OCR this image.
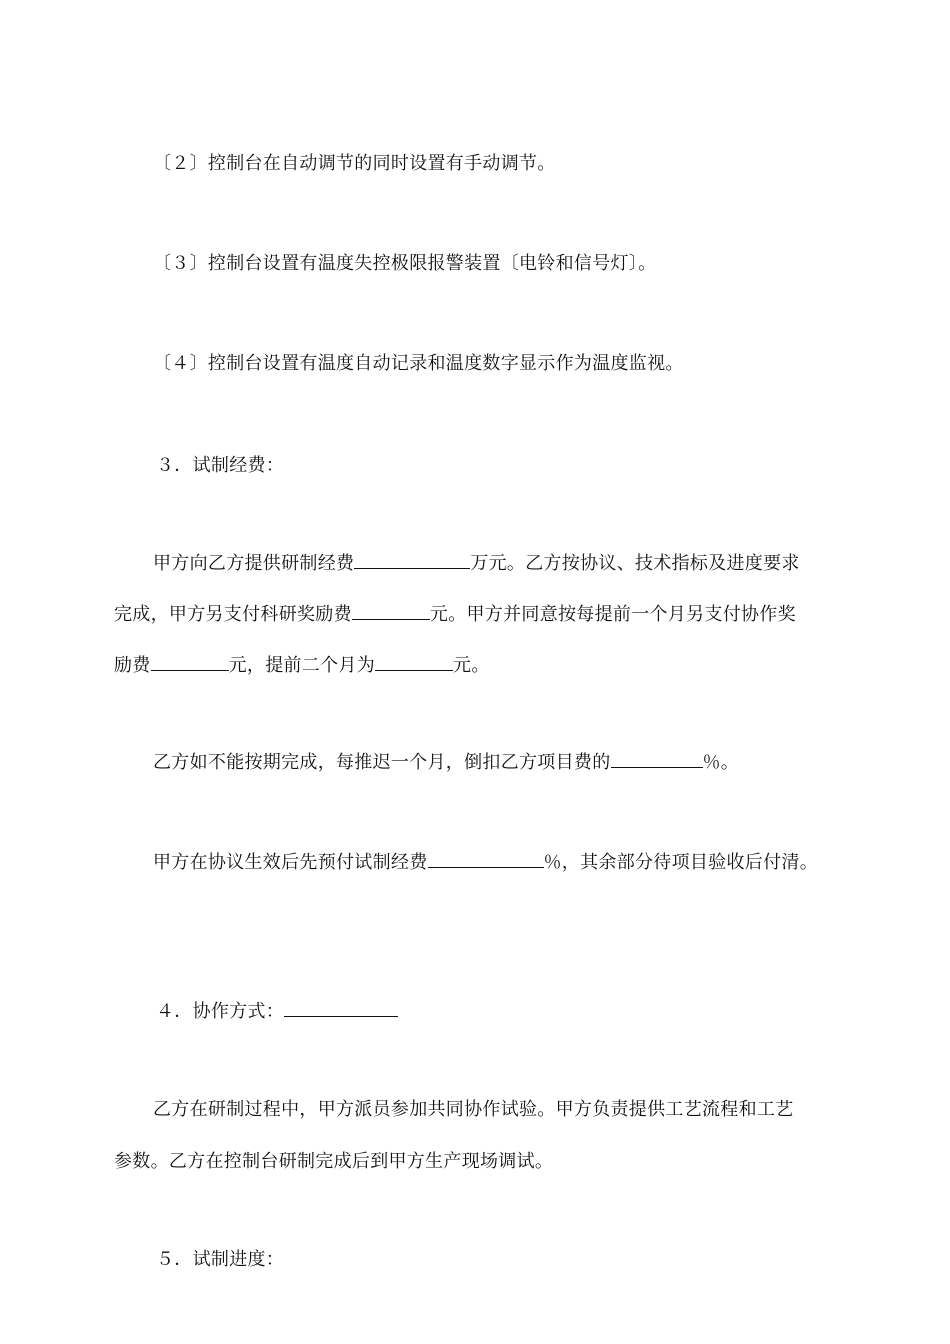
〔２〕控制台在自动调节的同时设置有手动调节。
〔３〕控制台设置有温度失控极限报警装置〔电铃和信号灯〕。
〔４〕控制台设置有温度自动记录和温度数字显示作为温度监视。
３．试制经费：
甲方向乙方提供研制经费	万元。乙方按协议、技术指标及进度要求
完成，甲方另支付科研奖励费	元。甲方并同意按每提前一个月另支付协作奖
励费	元，提前二个月为	元。
乙方如不能按期完成，每推迟一个月，倒扣乙方项目费的	％。
甲方在协议生效后先预付试制经费	％，其余部分待项目验收后付清。
４．协作方式：
乙方在研制过程中，甲方派员参加共同协作试验。甲方负责提供工艺流程和工艺
参数。乙方在控制台研制完成后到甲方生产现场调试。
５．试制进度：
